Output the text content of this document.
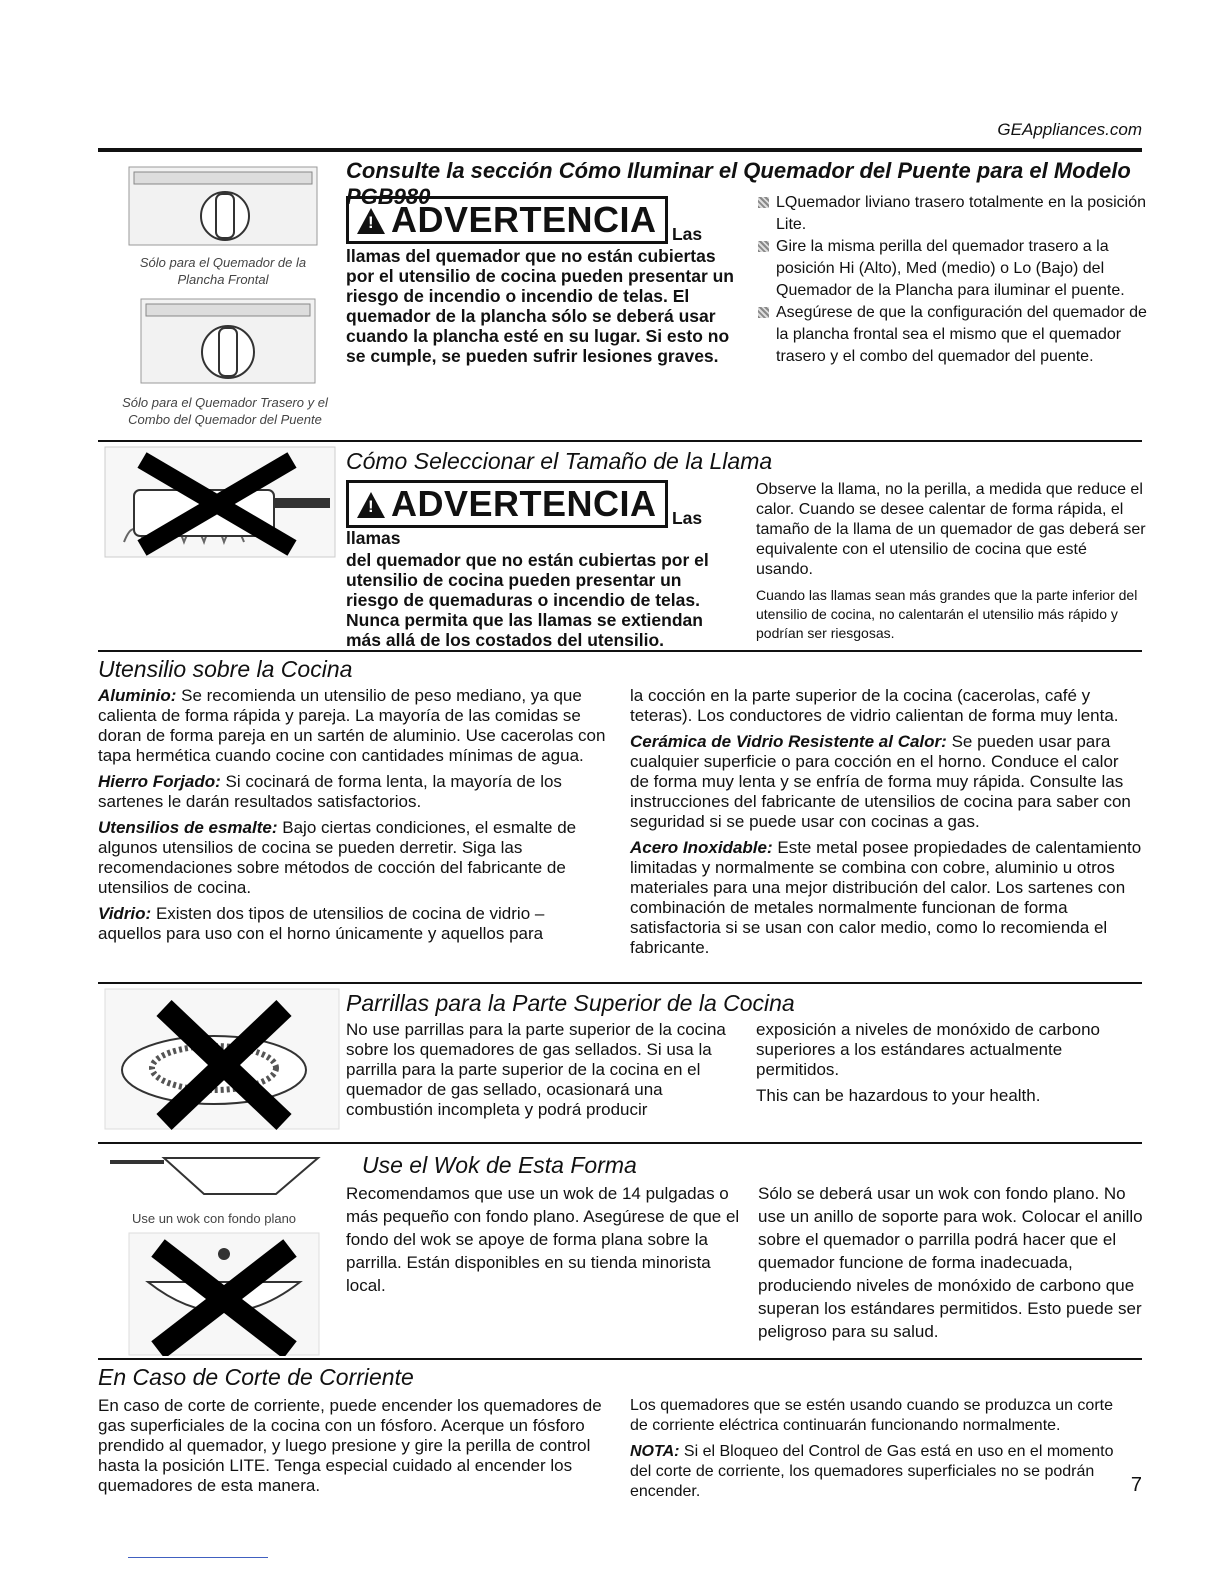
GEAppliances.com
Sólo para el Quemador de la Plancha Frontal
Sólo para el Quemador Trasero y el Combo del Quemador del Puente
Consulte la sección Cómo Iluminar el Quemador del Puente para el Modelo PGB980
!ADVERTENCIA Las
llamas del quemador que no están cubiertas por el utensilio de cocina pueden presentar un riesgo de incendio o incendio de telas. El quemador de la plancha sólo se deberá usar cuando la plancha esté en su lugar. Si esto no se cumple, se pueden sufrir lesiones graves.
LQuemador liviano trasero totalmente en la posición Lite.
Gire la misma perilla del quemador trasero a la posición Hi (Alto), Med (medio) o Lo (Bajo) del Quemador de la Plancha para iluminar el puente.
Asegúrese de que la configuración del quemador de la plancha frontal sea el mismo que el quemador trasero y el combo del quemador del puente.
Cómo Seleccionar el Tamaño de la Llama
!ADVERTENCIA Las llamas
del quemador que no están cubiertas por el utensilio de cocina pueden presentar un riesgo de quemaduras o incendio de telas. Nunca permita que las llamas se extiendan más allá de los costados del utensilio.

Observe la llama, no la perilla, a medida que reduce el calor. Cuando se desee calentar de forma rápida, el tamaño de la llama de un quemador de gas deberá ser equivalente con el utensilio de cocina que esté usando.

Cuando las llamas sean más grandes que la parte inferior del utensilio de cocina, no calentarán el utensilio más rápido y podrían ser riesgosas.

Utensilio sobre la Cocina

Aluminio: Se recomienda un utensilio de peso mediano, ya que calienta de forma rápida y pareja. La mayoría de las comidas se doran de forma pareja en un sartén de aluminio. Use cacerolas con tapa hermética cuando cocine con cantidades mínimas de agua.

Hierro Forjado: Si cocinará de forma lenta, la mayoría de los sartenes le darán resultados satisfactorios.

Utensilios de esmalte: Bajo ciertas condiciones, el esmalte de algunos utensilios de cocina se pueden derretir. Siga las recomendaciones sobre métodos de cocción del fabricante de utensilios de cocina.

Vidrio: Existen dos tipos de utensilios de cocina de vidrio – aquellos para uso con el horno únicamente y aquellos para

la cocción en la parte superior de la cocina (cacerolas, café y teteras). Los conductores de vidrio calientan de forma muy lenta.

Cerámica de Vidrio Resistente al Calor: Se pueden usar para cualquier superficie o para cocción en el horno. Conduce el calor de forma muy lenta y se enfría de forma muy rápida. Consulte las instrucciones del fabricante de utensilios de cocina para saber con seguridad si se puede usar con cocinas a gas.

Acero Inoxidable: Este metal posee propiedades de calentamiento limitadas y normalmente se combina con cobre, aluminio u otros materiales para una mejor distribución del calor. Los sartenes con combinación de metales normalmente funcionan de forma satisfactoria si se usan con calor medio, como lo recomienda el fabricante.

Parrillas para la Parte Superior de la Cocina

No use parrillas para la parte superior de la cocina sobre los quemadores de gas sellados. Si usa la parrilla para la parte superior de la cocina en el quemador de gas sellado, ocasionará una combustión incompleta y podrá producir

exposición a niveles de monóxido de carbono superiores a los estándares actualmente permitidos.

This can be hazardous to your health.

Use un wok con fondo plano
Use el Wok de Esta Forma

Recomendamos que use un wok de 14 pulgadas o más pequeño con fondo plano. Asegúrese de que el fondo del wok se apoye de forma plana sobre la parrilla. Están disponibles en su tienda minorista local.

Sólo se deberá usar un wok con fondo plano. No use un anillo de soporte para wok. Colocar el anillo sobre el quemador o parrilla podrá hacer que el quemador funcione de forma inadecuada, produciendo niveles de monóxido de carbono que superan los estándares permitidos. Esto puede ser peligroso para su salud.

En Caso de Corte de Corriente

En caso de corte de corriente, puede encender los quemadores de gas superficiales de la cocina con un fósforo. Acerque un fósforo prendido al quemador, y luego presione y gire la perilla de control hasta la posición LITE. Tenga especial cuidado al encender los quemadores de esta manera.

Los quemadores que se estén usando cuando se produzca un corte de corriente eléctrica continuarán funcionando normalmente.

NOTA: Si el Bloqueo del Control de Gas está en uso en el momento del corte de corriente, los quemadores superficiales no se podrán encender.	7
